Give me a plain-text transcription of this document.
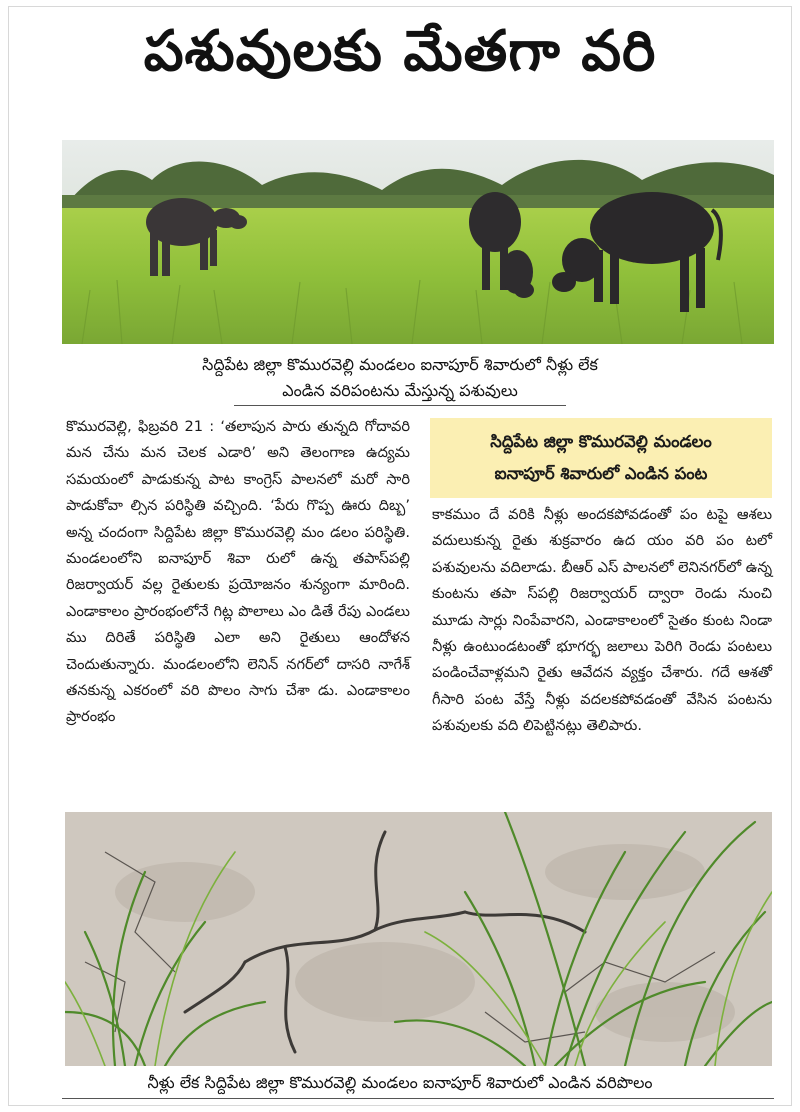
పశువులకు మేతగా వరి
సిద్దిపేట జిల్లా కొమురవెల్లి మండలం ఐనాపూర్ శివారులో నీళ్లు లేక
ఎండిన వరిపంటను మేస్తున్న పశువులు
కొమురవెల్లి, ఫిబ్రవరి 21 : ‘తలాపున పారు తున్నది గోదావరి మన చేను మన చెలక ఎడారి’ అని తెలంగాణ ఉద్యమ సమయంలో పాడుకున్న పాట కాంగ్రెస్ పాలనలో మరో సారి పాడుకోవా ల్సిన పరిస్థితి వచ్చింది. ‘పేరు గొప్ప ఊరు దిబ్బ’ అన్న చందంగా సిద్దిపేట జిల్లా కొమురవెల్లి మం డలం పరిస్థితి. మండలంలోని ఐనాపూర్ శివా రులో ఉన్న తపాస్‌పల్లి రిజర్వాయర్ వల్ల రైతులకు ప్రయోజనం శున్యంగా మారింది. ఎండాకాలం ప్రారంభంలోనే గిట్ల పొలాలు ఎం డితే రేపు ఎండలు ము దిరితే పరిస్థితి ఎలా అని రైతులు ఆందోళన చెందుతున్నారు. మండలంలోని లెనిన్ నగర్‌లో దాసరి నాగేశ్ తనకున్న ఎకరంలో వరి పొలం సాగు చేశా డు. ఎండాకాలం ప్రారంభం
సిద్దిపేట జిల్లా కొమురవెల్లి మండలం
ఐనాపూర్ శివారులో ఎండిన పంట
కాకముం దే వరికి నీళ్లు అందకపోవడంతో పం టపై ఆశలు వదులుకున్న రైతు శుక్రవారం ఉద యం వరి పం టలో పశువులను వదిలాడు. బీఆర్ ఎస్ పాలనలో లెనిన‌గర్‌లో ఉన్న కుంటను తపా స్‌పల్లి రిజర్వాయర్ ద్వారా రెండు నుంచి మూడు సార్లు నింపేవారని, ఎండాకాలంలో సైతం కుంట నిండా నీళ్లు ఉంటుండటంతో భూగర్భ జలాలు పెరిగి రెండు పంటలు పండించేవాళ్లమని రైతు ఆవేదన వ్యక్తం చేశారు. గదే ఆశతో గీసారి పంట వేస్తే నీళ్లు వదలకపోవడంతో వేసిన పంటను పశువులకు వది లిపెట్టినట్లు తెలిపారు.
నీళ్లు లేక సిద్దిపేట జిల్లా కొమురవెల్లి మండలం ఐనాపూర్ శివారులో ఎండిన వరిపొలం
